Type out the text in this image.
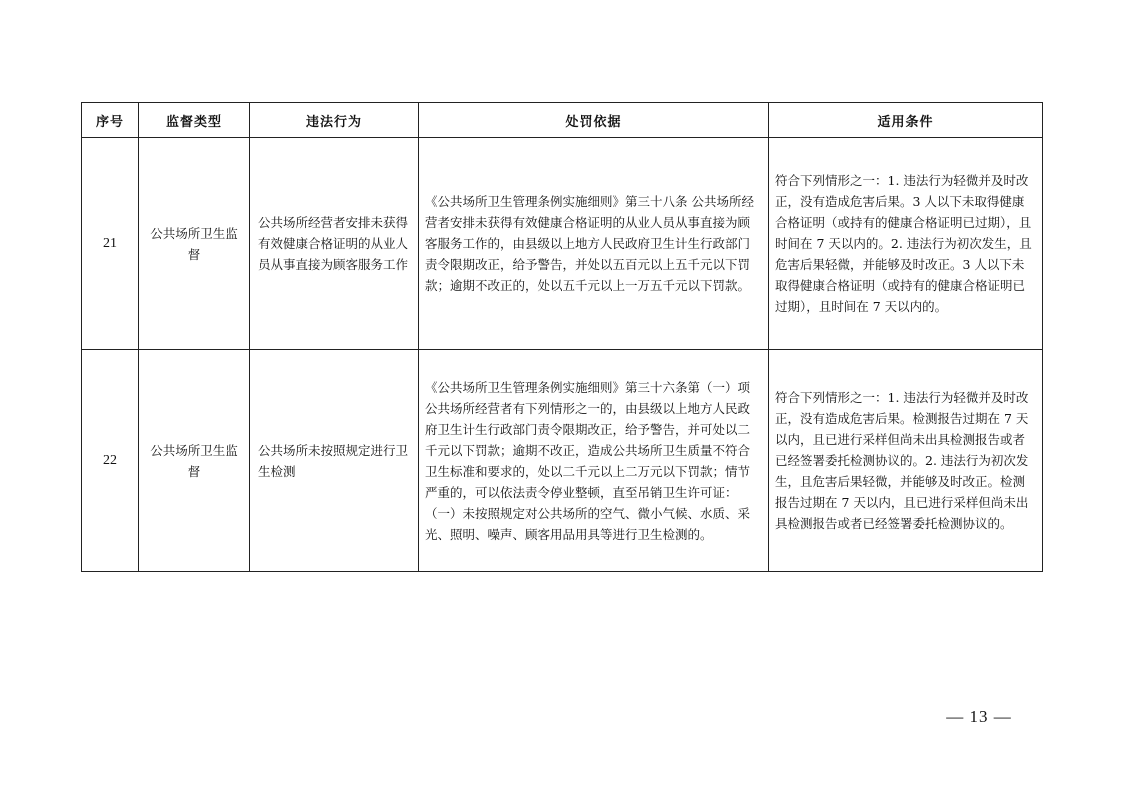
序号	监督类型	违法行为	处罚依据	适用条件
21	公共场所卫生监督	公共场所经营者安排未获得有效健康合格证明的从业人员从事直接为顾客服务工作	《公共场所卫生管理条例实施细则》第三十八条 公共场所经营者安排未获得有效健康合格证明的从业人员从事直接为顾客服务工作的，由县级以上地方人民政府卫生计生行政部门责令限期改正，给予警告，并处以五百元以上五千元以下罚款；逾期不改正的，处以五千元以上一万五千元以下罚款。	符合下列情形之一：1. 违法行为轻微并及时改正，没有造成危害后果。3 人以下未取得健康合格证明（或持有的健康合格证明已过期），且时间在 7 天以内的。2. 违法行为初次发生，且危害后果轻微，并能够及时改正。3 人以下未取得健康合格证明（或持有的健康合格证明已过期），且时间在 7 天以内的。
22	公共场所卫生监督	公共场所未按照规定进行卫生检测	《公共场所卫生管理条例实施细则》第三十六条第（一）项公共场所经营者有下列情形之一的，由县级以上地方人民政府卫生计生行政部门责令限期改正，给予警告，并可处以二千元以下罚款；逾期不改正，造成公共场所卫生质量不符合卫生标准和要求的，处以二千元以上二万元以下罚款；情节严重的，可以依法责令停业整顿，直至吊销卫生许可证：（一）未按照规定对公共场所的空气、微小气候、水质、采光、照明、噪声、顾客用品用具等进行卫生检测的。	符合下列情形之一：1. 违法行为轻微并及时改正，没有造成危害后果。检测报告过期在 7 天以内，且已进行采样但尚未出具检测报告或者已经签署委托检测协议的。2. 违法行为初次发生，且危害后果轻微，并能够及时改正。检测报告过期在 7 天以内，且已进行采样但尚未出具检测报告或者已经签署委托检测协议的。
— 13 —
